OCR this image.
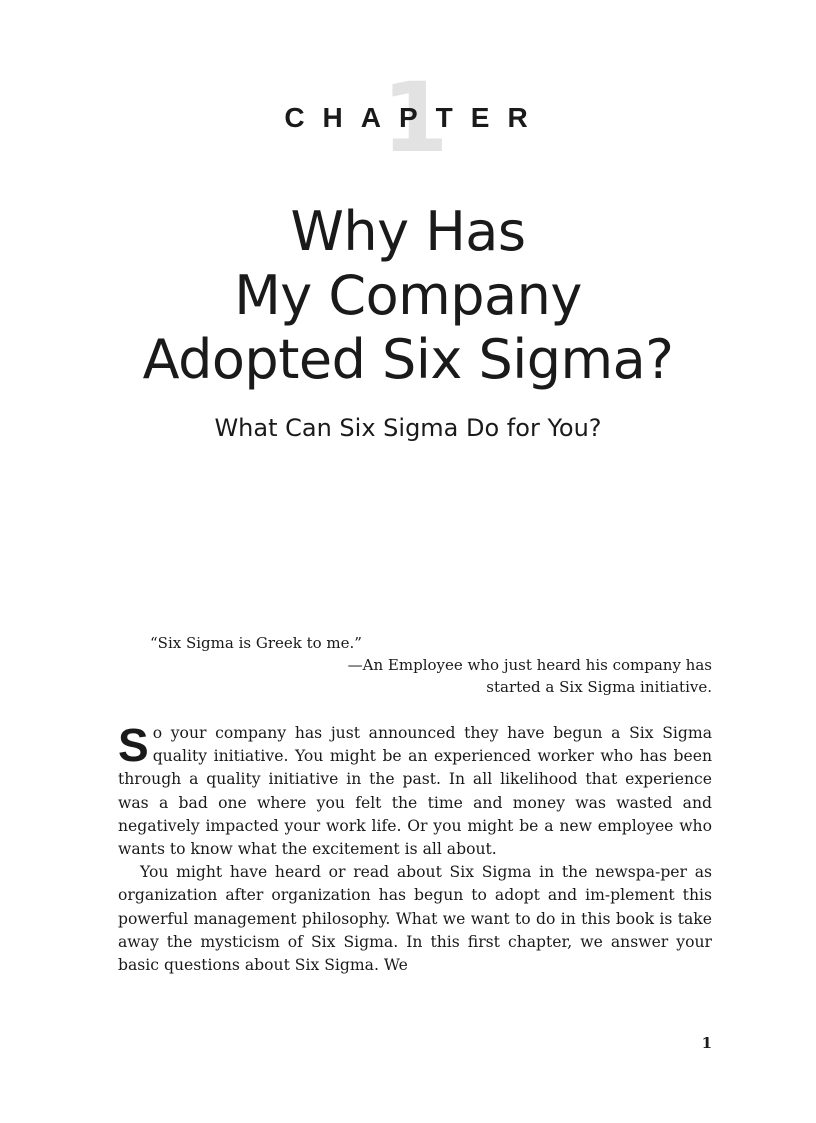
1
CHAPTER
Why Has
My Company
Adopted Six Sigma?
What Can Six Sigma Do for You?
“Six Sigma is Greek to me.”
—An Employee who just heard his company has
started a Six Sigma initiative.

So your company has just announced they have begun a Six Sigma quality initiative. You might be an experienced worker who has been through a quality initiative in the past. In all likelihood that experience was a bad one where you felt the time and money was wasted and negatively impacted your work life. Or you might be a new employee who wants to know what the excitement is all about.

You might have heard or read about Six Sigma in the newspa-per as organization after organization has begun to adopt and im-plement this powerful management philosophy. What we want to do in this book is take away the mysticism of Six Sigma. In this first chapter, we answer your basic questions about Six Sigma. We

1
